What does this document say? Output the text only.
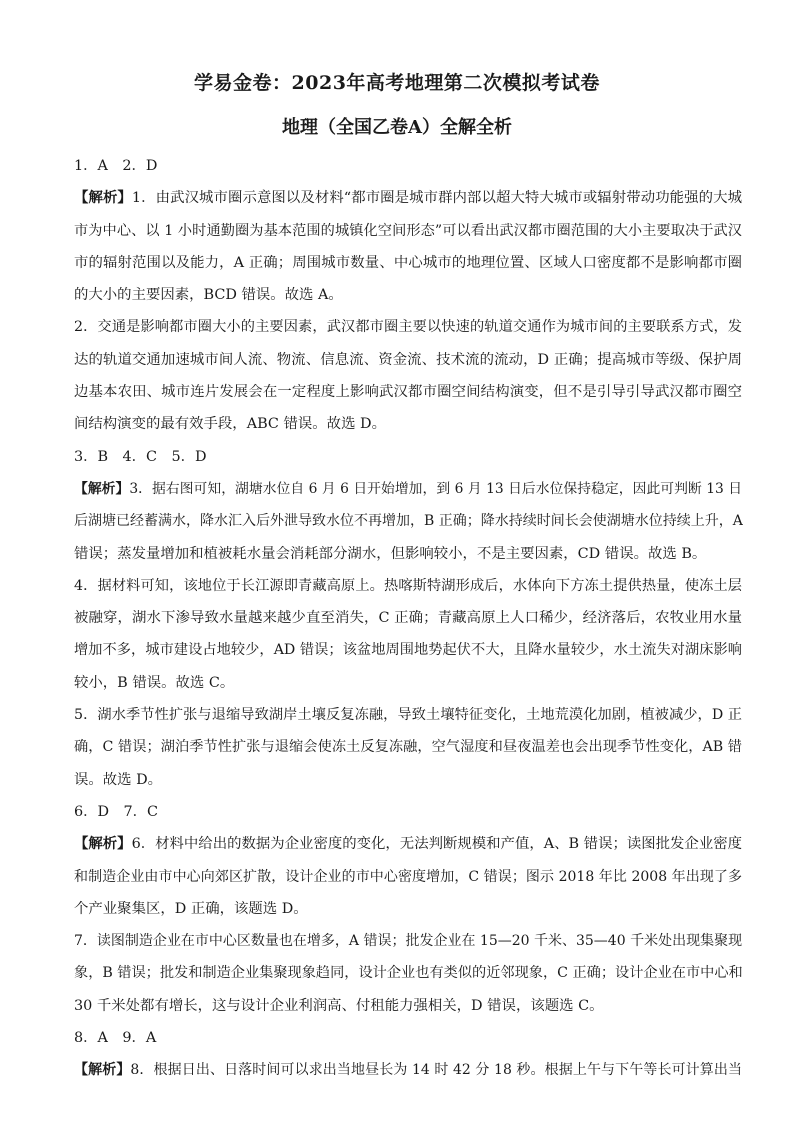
学易金卷：2023年高考地理第二次模拟考试卷
地理（全国乙卷A）全解全析
1．A　2．D
【解析】1．由武汉城市圈示意图以及材料“都市圈是城市群内部以超大特大城市或辐射带动功能强的大城
市为中心、以 1 小时通勤圈为基本范围的城镇化空间形态”可以看出武汉都市圈范围的大小主要取决于武汉
市的辐射范围以及能力，A 正确；周围城市数量、中心城市的地理位置、区域人口密度都不是影响都市圈
的大小的主要因素，BCD 错误。故选 A。
2．交通是影响都市圈大小的主要因素，武汉都市圈主要以快速的轨道交通作为城市间的主要联系方式，发
达的轨道交通加速城市间人流、物流、信息流、资金流、技术流的流动，D 正确；提高城市等级、保护周
边基本农田、城市连片发展会在一定程度上影响武汉都市圈空间结构演变，但不是引导引导武汉都市圈空
间结构演变的最有效手段，ABC 错误。故选 D。
3．B　4．C　5．D
【解析】3．据右图可知，湖塘水位自 6 月 6 日开始增加，到 6 月 13 日后水位保持稳定，因此可判断 13 日
后湖塘已经蓄满水，降水汇入后外泄导致水位不再增加，B 正确；降水持续时间长会使湖塘水位持续上升，A
错误；蒸发量增加和植被耗水量会消耗部分湖水，但影响较小，不是主要因素，CD 错误。故选 B。
4．据材料可知，该地位于长江源即青藏高原上。热喀斯特湖形成后，水体向下方冻土提供热量，使冻土层
被融穿，湖水下渗导致水量越来越少直至消失，C 正确；青藏高原上人口稀少，经济落后，农牧业用水量
增加不多，城市建设占地较少，AD 错误；该盆地周围地势起伏不大，且降水量较少，水土流失对湖床影响
较小，B 错误。故选 C。
5．湖水季节性扩张与退缩导致湖岸土壤反复冻融，导致土壤特征变化，土地荒漠化加剧，植被减少，D 正
确，C 错误；湖泊季节性扩张与退缩会使冻土反复冻融，空气湿度和昼夜温差也会出现季节性变化，AB 错
误。故选 D。
6．D　7．C
【解析】6．材料中给出的数据为企业密度的变化，无法判断规模和产值，A、B 错误；读图批发企业密度
和制造企业由市中心向郊区扩散，设计企业的市中心密度增加，C 错误；图示 2018 年比 2008 年出现了多
个产业聚集区，D 正确，该题选 D。
7．读图制造企业在市中心区数量也在增多，A 错误；批发企业在 15—20 千米、35—40 千米处出现集聚现
象，B 错误；批发和制造企业集聚现象趋同，设计企业也有类似的近邻现象，C 正确；设计企业在市中心和
30 千米处都有增长，这与设计企业利润高、付租能力强相关，D 错误，该题选 C。
8．A　9．A
【解析】8．根据日出、日落时间可以求出当地昼长为 14 时 42 分 18 秒。根据上午与下午等长可计算出当
